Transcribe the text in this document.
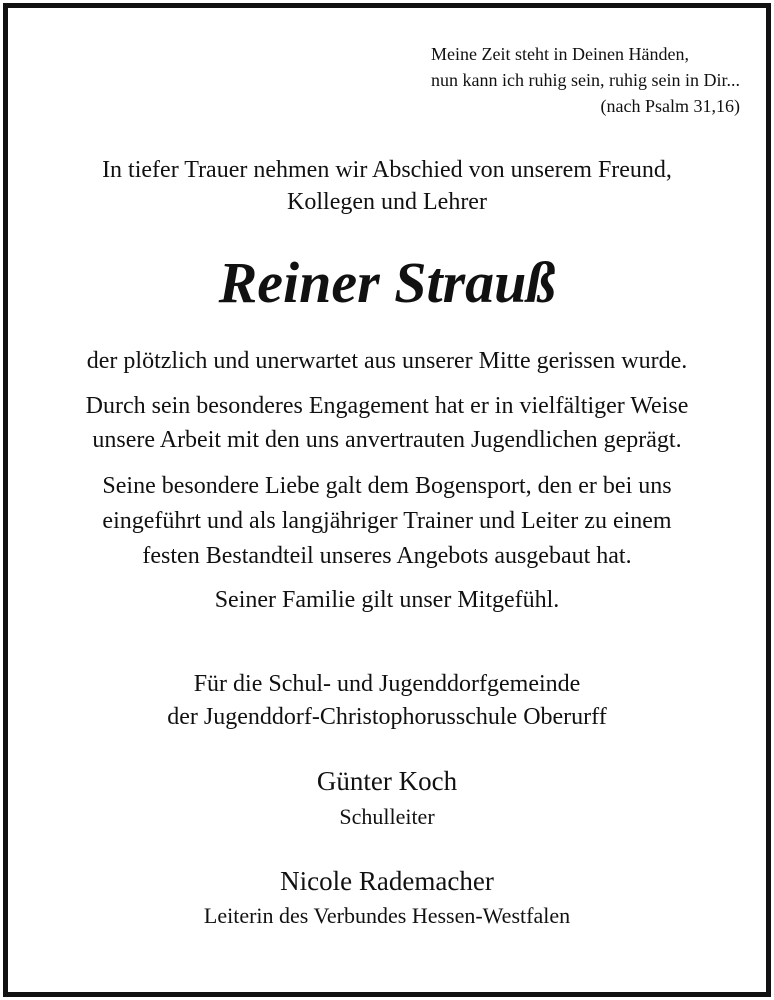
Meine Zeit steht in Deinen Händen,
nun kann ich ruhig sein, ruhig sein in Dir...
(nach Psalm 31,16)
In tiefer Trauer nehmen wir Abschied von unserem Freund,
Kollegen und Lehrer
Reiner Strauß
der plötzlich und unerwartet aus unserer Mitte gerissen wurde.
Durch sein besonderes Engagement hat er in vielfältiger Weise
unsere Arbeit mit den uns anvertrauten Jugendlichen geprägt.
Seine besondere Liebe galt dem Bogensport, den er bei uns
eingeführt und als langjähriger Trainer und Leiter zu einem
festen Bestandteil unseres Angebots ausgebaut hat.
Seiner Familie gilt unser Mitgefühl.
Für die Schul- und Jugenddorfgemeinde
der Jugenddorf-Christophorusschule Oberurff
Günter Koch
Schulleiter
Nicole Rademacher
Leiterin des Verbundes Hessen-Westfalen
